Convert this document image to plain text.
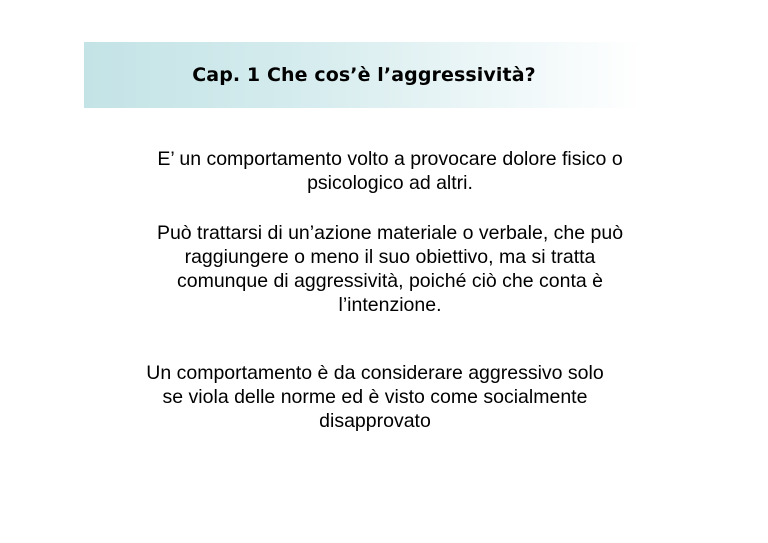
Cap. 1 Che cos’è l’aggressività?
E’ un comportamento volto a provocare dolore fisico o
psicologico ad altri.
Può trattarsi di un’azione materiale o verbale, che può
raggiungere o meno il suo obiettivo, ma si tratta
comunque di aggressività, poiché ciò che conta è
l’intenzione.
Un comportamento è da considerare aggressivo solo
se viola delle norme ed è visto come socialmente
disapprovato
